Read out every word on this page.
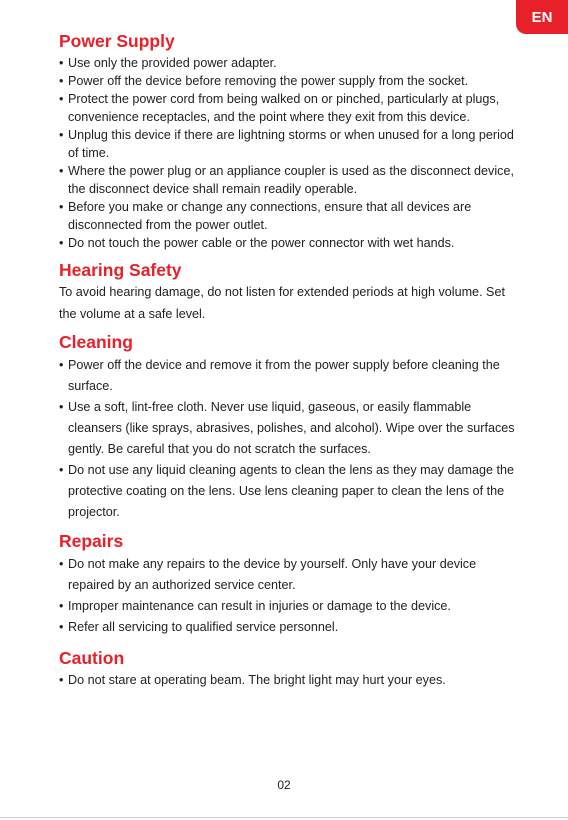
EN
Power Supply
• Use only the provided power adapter.
• Power off the device before removing the power supply from the socket.
• Protect the power cord from being walked on or pinched, particularly at plugs, convenience receptacles, and the point where they exit from this device.
• Unplug this device if there are lightning storms or when unused for a long period of time.
• Where the power plug or an appliance coupler is used as the disconnect device, the disconnect device shall remain readily operable.
• Before you make or change any connections, ensure that all devices are disconnected from the power outlet.
• Do not touch the power cable or the power connector with wet hands.
Hearing Safety

To avoid hearing damage, do not listen for extended periods at high volume. Set the volume at a safe level.

Cleaning
• Power off the device and remove it from the power supply before cleaning the surface.
• Use a soft, lint-free cloth. Never use liquid, gaseous, or easily flammable cleansers (like sprays, abrasives, polishes, and alcohol). Wipe over the surfaces gently. Be careful that you do not scratch the surfaces.
• Do not use any liquid cleaning agents to clean the lens as they may damage the protective coating on the lens. Use lens cleaning paper to clean the lens of the projector.
Repairs
• Do not make any repairs to the device by yourself. Only have your device repaired by an authorized service center.
• Improper maintenance can result in injuries or damage to the device.
• Refer all servicing to qualified service personnel.
Caution
• Do not stare at operating beam. The bright light may hurt your eyes.
02
